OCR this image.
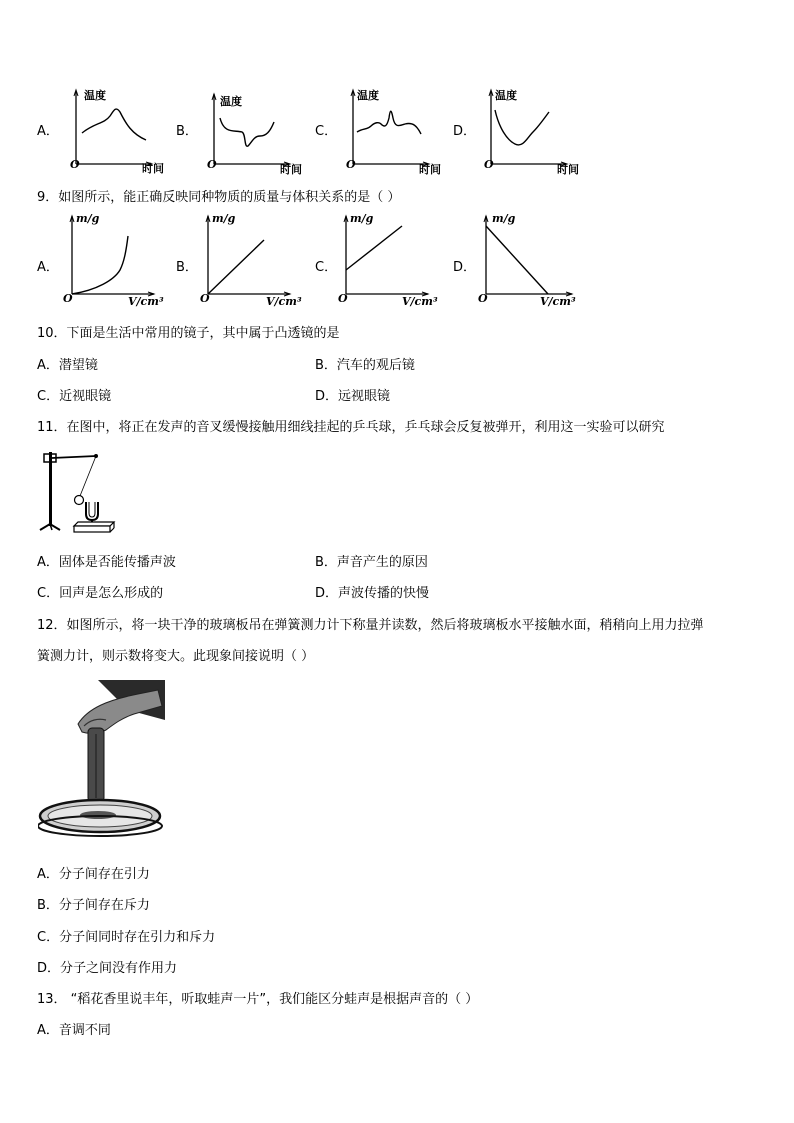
A．
温度
O	时间
B．
温度
O	时间
C．
温度
O	时间
D．
温度
O	时间
9．如图所示，能正确反映同种物质的质量与体积关系的是（ ）
A．
m/g
O	V/cm³
B．
m/g
O	V/cm³
C．
m/g
O	V/cm³
D．
m/g
O	V/cm³
10．下面是生活中常用的镜子，其中属于凸透镜的是
A．潜望镜	B．汽车的观后镜
C．近视眼镜	D．远视眼镜
11．在图中，将正在发声的音叉缓慢接触用细线挂起的乒乓球，乒乓球会反复被弹开，利用这一实验可以研究
A．固体是否能传播声波	B．声音产生的原因
C．回声是怎么形成的	D．声波传播的快慢
12．如图所示，将一块干净的玻璃板吊在弹簧测力计下称量并读数，然后将玻璃板水平接触水面，稍稍向上用力拉弹
簧测力计，则示数将变大。此现象间接说明（ ）
A．分子间存在引力
B．分子间存在斥力
C．分子间同时存在引力和斥力
D．分子之间没有作用力
13． “稻花香里说丰年，听取蛙声一片”，我们能区分蛙声是根据声音的（ ）
A．音调不同
